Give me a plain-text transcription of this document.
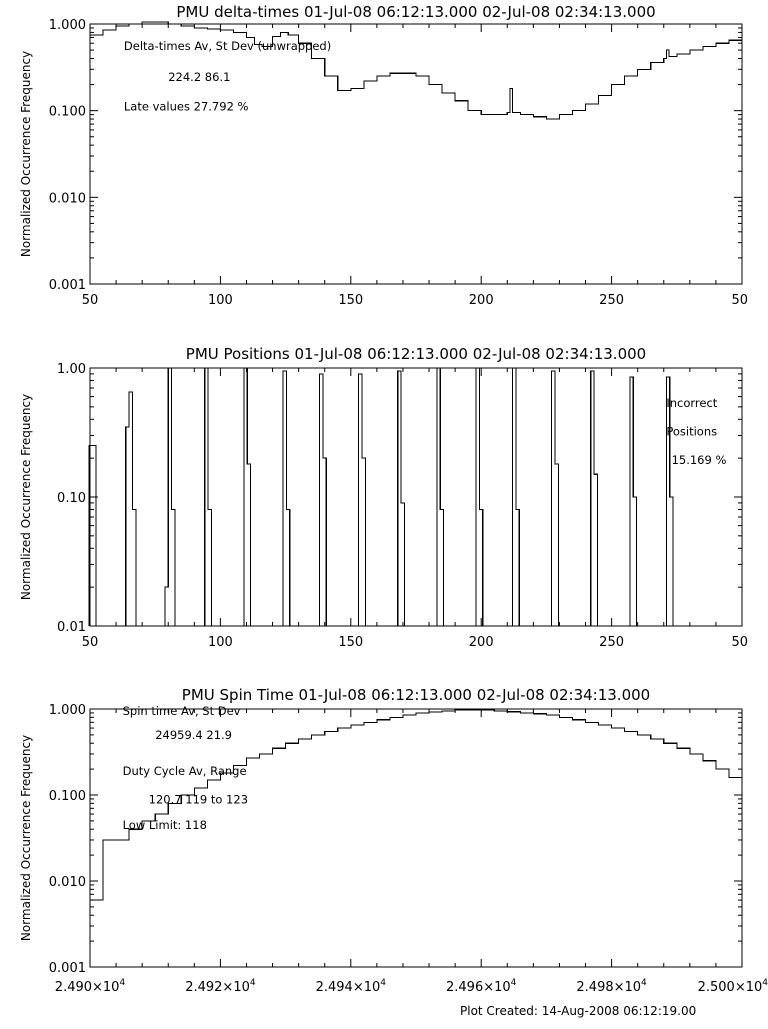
Plot Created: 14-Aug-2008 06:12:19.00
PMU delta-times 01-Jul-08 06:12:13.000 02-Jul-08 02:34:13.000
Normalized Occurrence Frequency
50	100	150	200	250	50
0.001
0.010
0.100
1.000
Delta-times Av, St Dev (unwrapped)
224.2 86.1
Late values 27.792 %
PMU Positions 01-Jul-08 06:12:13.000 02-Jul-08 02:34:13.000
Normalized Occurrence Frequency
50	100	150	200	250	50
0.01
0.10
1.00
Incorrect
Positions
15.169 %
PMU Spin Time 01-Jul-08 06:12:13.000 02-Jul-08 02:34:13.000
Normalized Occurrence Frequency
$2.490\times 10^4$	$2.492\times 10^4$	$2.494\times 10^4$	$2.496\times 10^4$	$2.498\times 10^4$	$2.500\times 10^4$
0.001
0.010
0.100
1.000	Spin time Av, St Dev
24959.4 21.9
Duty Cycle Av, Range
120.7 119 to 123
Low Limit: 118
